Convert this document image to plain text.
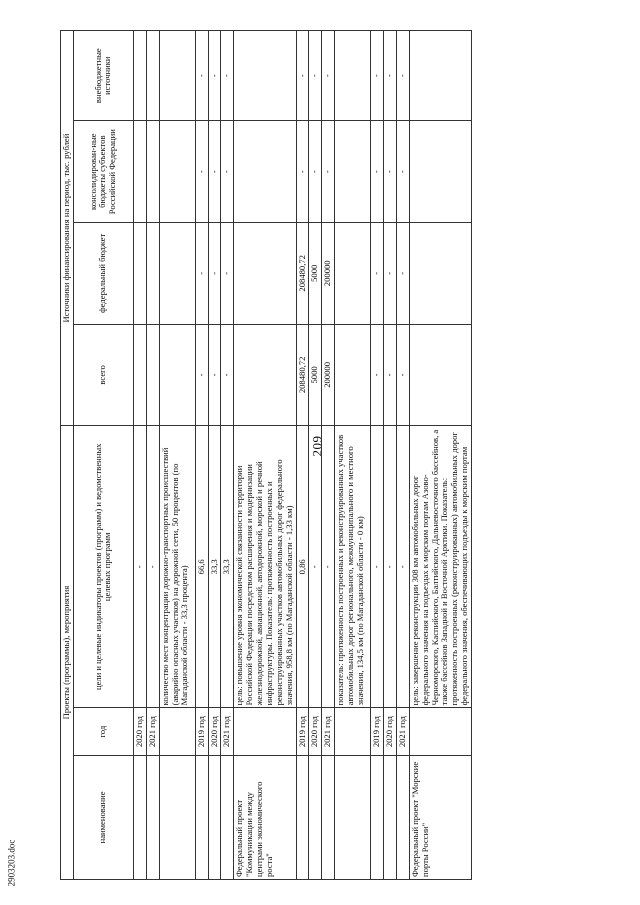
209
2903203.doc
Проекты (программы), мероприятия			Источники финансирования на период, тыс. рублей			
наименование	год	цели и целевые индикаторы проектов (программ) и ведомственных целевых программ	всего	федеральный бюджет	консолидирован-ные бюджеты субъектов Российской Федерации	внебюджетные источники
	2020 год	-				
	2021 год	-				
		количество мест концентрации дорожно-транспортных происшествий (аварийно опасных участков) на дорожной сети, 50 процентов (по Магаданской области - 33,3 процента)				
	2019 год	66,6	-	-	-	-
	2020 год	33,3	-	-	-	-
	2021 год	33,3	-	-	-	-
Федеральный проект "Коммуникации между центрами экономического роста"		цель: повышение уровня экономической связанности территории Российской Федерации посредством расширения и модернизации железнодорожной, авиационной, автодорожной, морской и речной инфраструктуры. Показатель: протяженность построенных и реконструированных участков автомобильных дорог федерального значения, 958,8 км (по Магаданской области - 1,33 км)				
	2019 год	0,86	208480,72	208480,72	-	-
	2020 год	-	5000	5000	-	-
	2021 год	-	200000	200000	-	-
		показатель: протяженность построенных и реконструированных участков автомобильных дорог регионального, межмуниципального и местного значения, 134,5 км (по Магаданской области - 0 км)				
	2019 год	-	-	-	-	-
	2020 год	-	-	-	-	-
	2021 год	-	-	-	-	-
Федеральный проект "Морские порты России"		цель: завершение реконструкции 308 км автомобильных дорог федерального значения на подъездах к морским портам Азово-Черноморского, Каспийского, Балтийского, Дальневосточного бассейнов, а также бассейнов Западной и Восточной Арктики. Показатель: протяженность построенных (реконструированных) автомобильных дорог федерального значения, обеспечивающих подъезды к морским портам				
